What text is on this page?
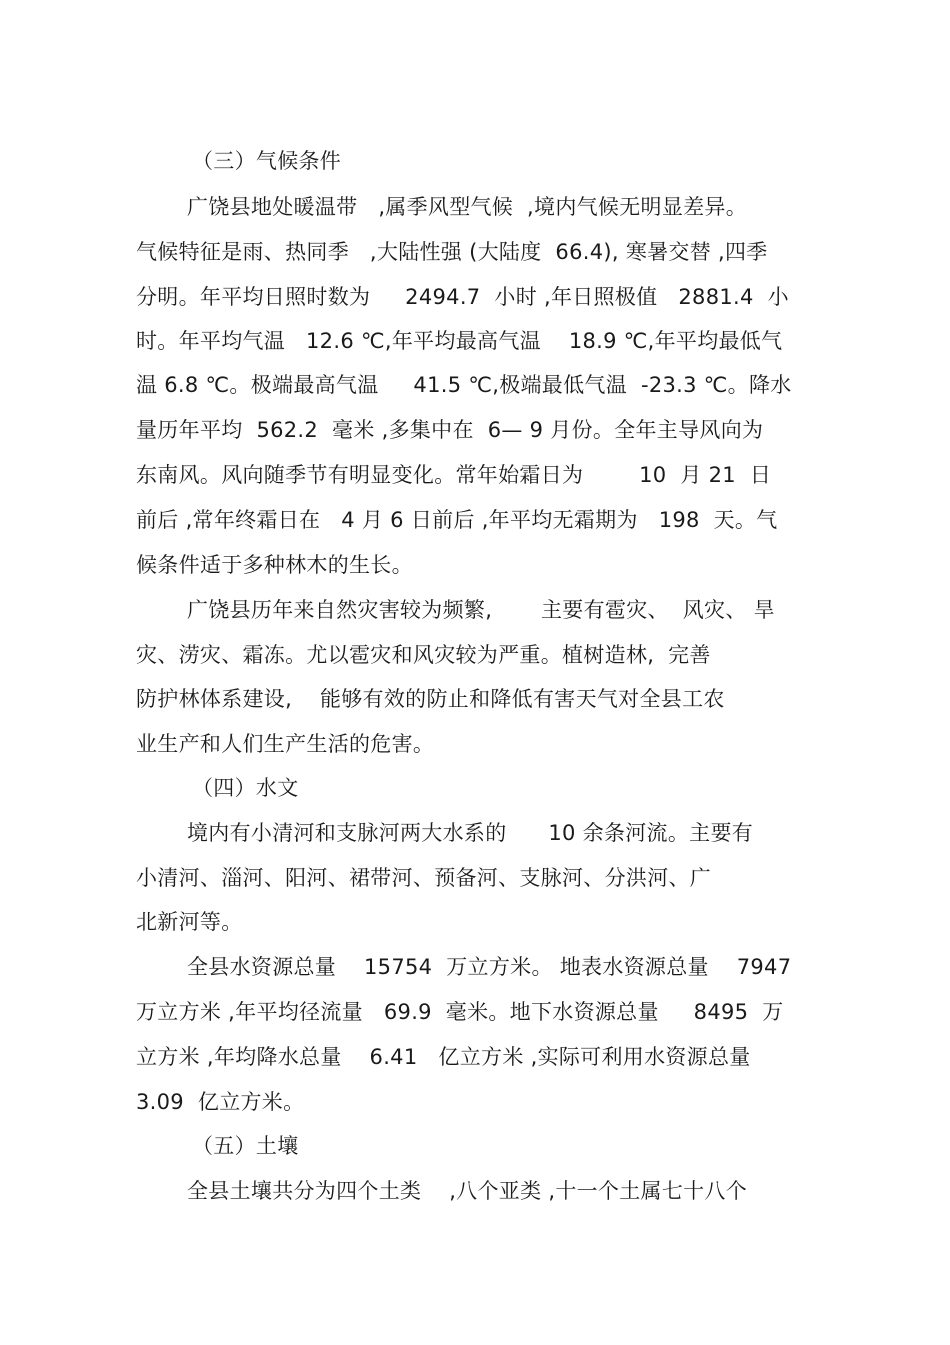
（三）气候条件
广饶县地处暖温带   ,属季风型气候  ,境内气候无明显差异。
气候特征是雨、热同季   ,大陆性强 (大陆度  66.4), 寒暑交替 ,四季
分明。年平均日照时数为     2494.7  小时 ,年日照极值   2881.4  小
时。年平均气温   12.6 ℃,年平均最高气温    18.9 ℃,年平均最低气
温 6.8 ℃。极端最高气温     41.5 ℃,极端最低气温  -23.3 ℃。降水
量历年平均  562.2  毫米 ,多集中在  6— 9 月份。全年主导风向为
东南风。风向随季节有明显变化。常年始霜日为        10  月 21  日
前后 ,常年终霜日在   4 月 6 日前后 ,年平均无霜期为   198  天。气
候条件适于多种林木的生长。
广饶县历年来自然灾害较为频繁,       主要有雹灾、  风灾、 旱
灾、涝灾、霜冻。尤以雹灾和风灾较为严重。植树造林,  完善
防护林体系建设,    能够有效的防止和降低有害天气对全县工农
业生产和人们生产生活的危害。
（四）水文
境内有小清河和支脉河两大水系的      10 余条河流。主要有
小清河、淄河、阳河、裙带河、预备河、支脉河、分洪河、广
北新河等。
全县水资源总量    15754  万立方米。 地表水资源总量    7947
万立方米 ,年平均径流量   69.9  毫米。地下水资源总量     8495  万
立方米 ,年均降水总量    6.41   亿立方米 ,实际可利用水资源总量
3.09  亿立方米。
（五）土壤
全县土壤共分为四个土类    ,八个亚类 ,十一个土属七十八个
